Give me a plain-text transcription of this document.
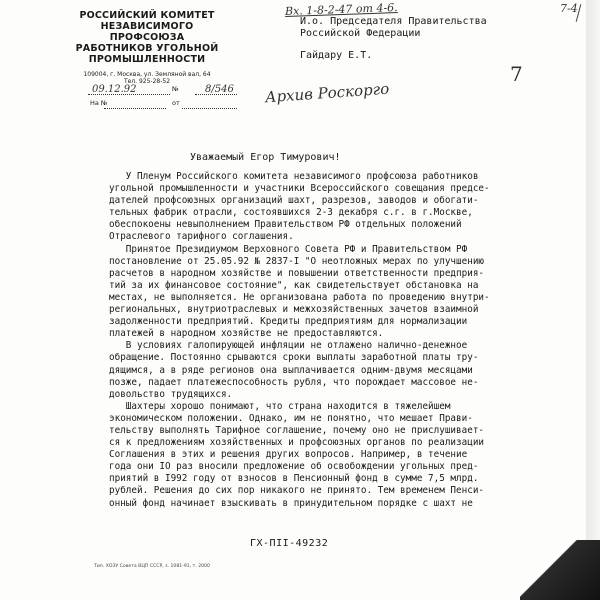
РОССИЙСКИЙ КОМИТЕТ
НЕЗАВИСИМОГО ПРОФСОЮЗА
РАБОТНИКОВ УГОЛЬНОЙ
ПРОМЫШЛЕННОСТИ
109004, г. Москва, ул. Земляной вал, 64
Тел. 925-28-52
Вх. 1-8-2-47 от 4-6.	7-4
И.о. Председателя Правительства
Российской Федерации
Гайдару Е.Т.
Архив Роскорго
7
09.12.92	№	8/546
На №	от
Уважаемый Егор Тимурович!
У Пленум Российского комитета независимого профсоюза работников
угольной промышленности и участники Всероссийского совещания предсе-
дателей профсоюзных организаций шахт, разрезов, заводов и обогати-
тельных фабрик отрасли, состоявшихся 2-3 декабря с.г. в г.Москве,
обеспокоены невыполнением Правительством РФ отдельных положений
Отраслевого тарифного соглашения.
Принятое Президиумом Верховного Совета РФ и Правительством РФ
постановление от 25.05.92 № 2837-I "О неотложных мерах по улучшению
расчетов в народном хозяйстве и повышении ответственности предприя-
тий за их финансовое состояние", как свидетельствует обстановка на
местах, не выполняется. Не организована работа по проведению внутри-
региональных, внутриотраслевых и межхозяйственных зачетов взаимной
задолженности предприятий. Кредиты предприятиям для нормализации
платежей в народном хозяйстве не предоставляются.
В условиях галопирующей инфляции не отлажено налично-денежное
обращение. Постоянно срываются сроки выплаты заработной платы тру-
дящимся, а в ряде регионов она выплачивается одним-двумя месяцами
позже, падает платежеспособность рубля, что порождает массовое не-
довольство трудящихся.
Шахтеры хорошо понимают, что страна находится в тяжелейшем
экономическом положении. Однако, им не понятно, что мешает Прави-
тельству выполнять Тарифное соглашение, почему оно не прислушивает-
ся к предложениям хозяйственных и профсоюзных органов по реализации
Соглашения в этих и решения других вопросов. Например, в течение
года они IO раз вносили предложение об освобождении угольных пред-
приятий в I992 году от взносов в Пенсионный фонд в сумме 7,5 млрд.
рублей. Решения до сих пор никакого не принято. Тем временем Пенси-
онный фонд начинает взыскивать в принудительном порядке с шахт не
ГХ-ПII-49232
Тип. ХОЗУ Совета ВЦП СССР, з. 1081-91, т. 2000
